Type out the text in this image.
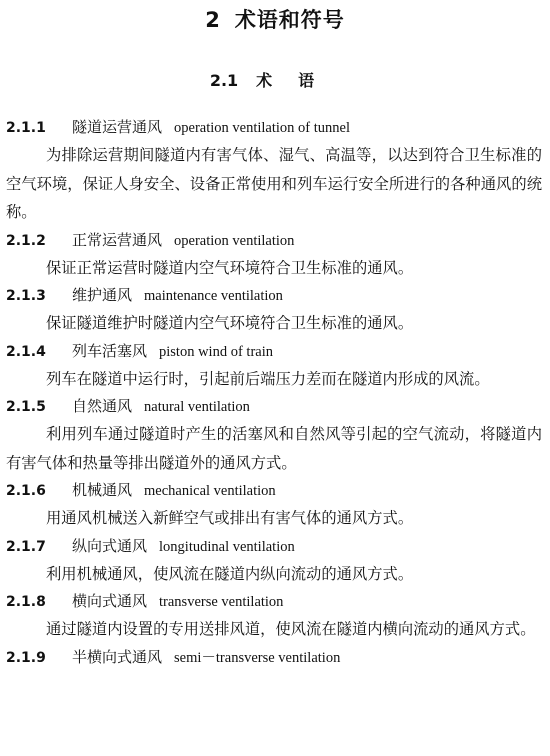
2 术语和符号
2.1 术语
2.1.1 隧道运营通风 operation ventilation of tunnel

为排除运营期间隧道内有害气体、湿气、高温等，以达到符合卫生标准的空气环境，保证人身安全、设备正常使用和列车运行安全所进行的各种通风的统称。

2.1.2 正常运营通风 operation ventilation

保证正常运营时隧道内空气环境符合卫生标准的通风。

2.1.3 维护通风 maintenance ventilation

保证隧道维护时隧道内空气环境符合卫生标准的通风。

2.1.4 列车活塞风 piston wind of train

列车在隧道中运行时，引起前后端压力差而在隧道内形成的风流。

2.1.5 自然通风 natural ventilation

利用列车通过隧道时产生的活塞风和自然风等引起的空气流动，将隧道内有害气体和热量等排出隧道外的通风方式。

2.1.6 机械通风 mechanical ventilation

用通风机械送入新鲜空气或排出有害气体的通风方式。

2.1.7 纵向式通风 longitudinal ventilation

利用机械通风，使风流在隧道内纵向流动的通风方式。

2.1.8 横向式通风 transverse ventilation

通过隧道内设置的专用送排风道，使风流在隧道内横向流动的通风方式。

2.1.9 半横向式通风 semi－transverse ventilation
